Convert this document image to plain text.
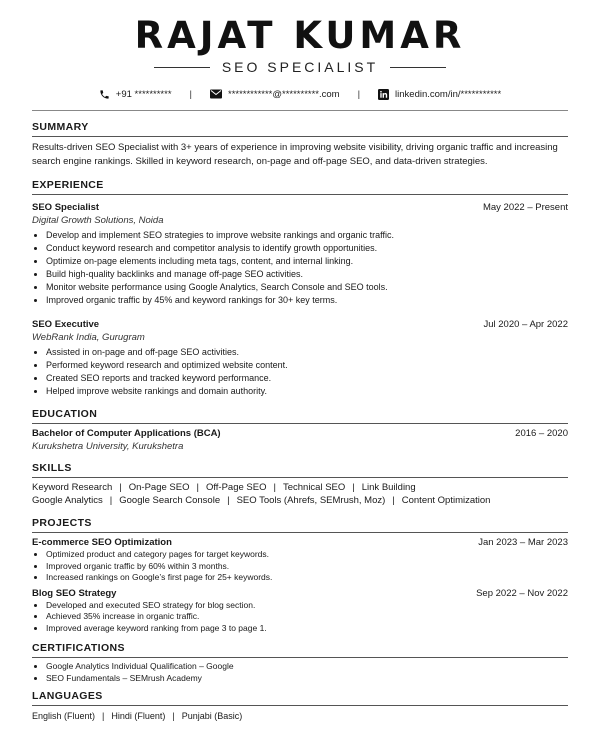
RAJAT KUMAR
SEO SPECIALIST
+91 ********** |	************@**********.com |	linkedin.com/in/***********
SUMMARY
Results-driven SEO Specialist with 3+ years of experience in improving website visibility, driving organic traffic and increasing search engine rankings. Skilled in keyword research, on-page and off-page SEO, and data-driven strategies.
EXPERIENCE
SEO Specialist	May 2022 – Present
Digital Growth Solutions, Noida
• Develop and implement SEO strategies to improve website rankings and organic traffic.
• Conduct keyword research and competitor analysis to identify growth opportunities.
• Optimize on-page elements including meta tags, content, and internal linking.
• Build high-quality backlinks and manage off-page SEO activities.
• Monitor website performance using Google Analytics, Search Console and SEO tools.
• Improved organic traffic by 45% and keyword rankings for 30+ key terms.
SEO Executive	Jul 2020 – Apr 2022
WebRank India, Gurugram
• Assisted in on-page and off-page SEO activities.
• Performed keyword research and optimized website content.
• Created SEO reports and tracked keyword performance.
• Helped improve website rankings and domain authority.
EDUCATION
Bachelor of Computer Applications (BCA)	2016 – 2020
Kurukshetra University, Kurukshetra
SKILLS
Keyword Research | On-Page SEO | Off-Page SEO | Technical SEO | Link Building
Google Analytics | Google Search Console | SEO Tools (Ahrefs, SEMrush, Moz) | Content Optimization
PROJECTS
E-commerce SEO Optimization	Jan 2023 – Mar 2023
• Optimized product and category pages for target keywords.
• Improved organic traffic by 60% within 3 months.
• Increased rankings on Google’s first page for 25+ keywords.
Blog SEO Strategy	Sep 2022 – Nov 2022
• Developed and executed SEO strategy for blog section.
• Achieved 35% increase in organic traffic.
• Improved average keyword ranking from page 3 to page 1.
CERTIFICATIONS
• Google Analytics Individual Qualification – Google
• SEO Fundamentals – SEMrush Academy
LANGUAGES
English (Fluent) | Hindi (Fluent) | Punjabi (Basic)
